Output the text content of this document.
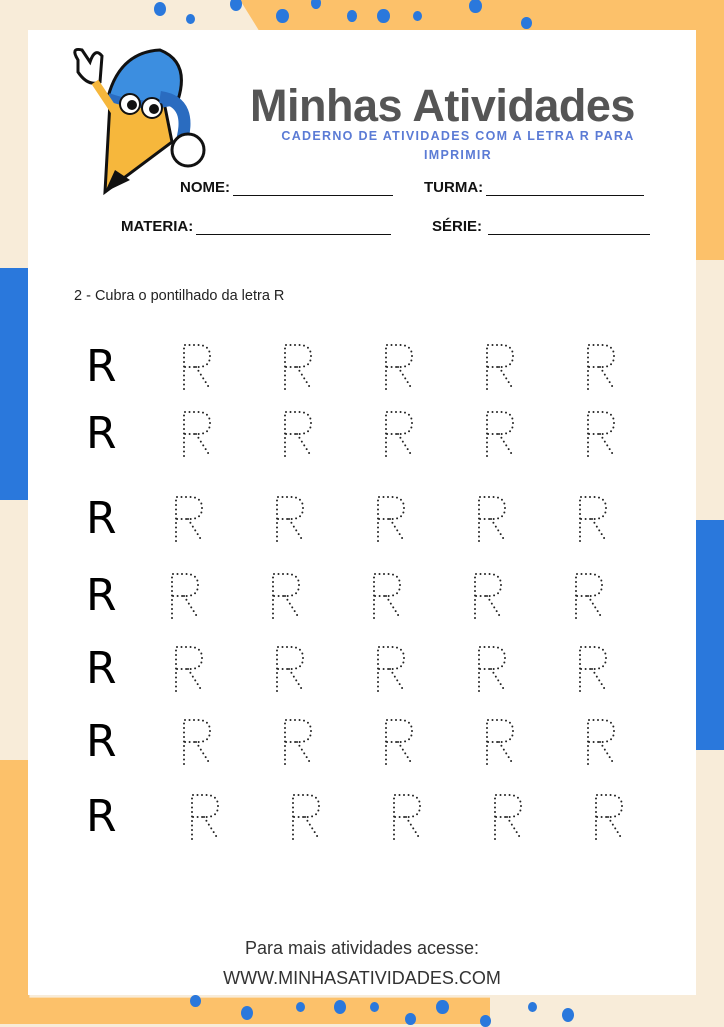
Minhas Atividades
CADERNO DE ATIVIDADES COM A LETRA R PARA
IMPRIMIR
NOME:	TURMA:
MATERIA:	SÉRIE:
2 - Cubra o pontilhado da letra R
R
R
R
R
R
R
R
Para mais atividades acesse:
WWW.MINHASATIVIDADES.COM
